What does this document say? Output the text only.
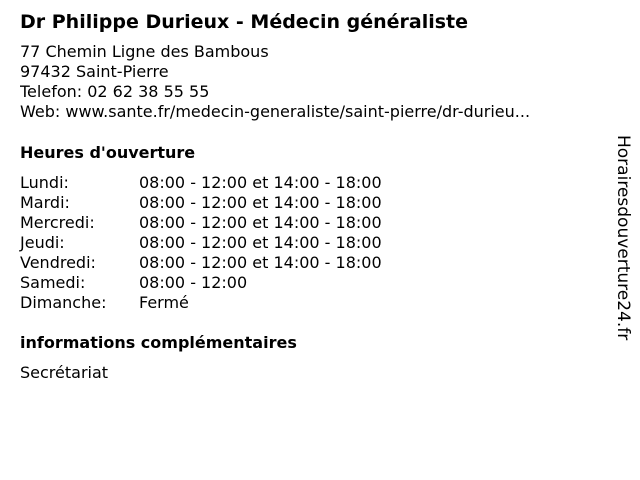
Dr Philippe Durieux - Médecin généraliste
77 Chemin Ligne des Bambous
97432 Saint-Pierre
Telefon: 02 62 38 55 55
Web: www.sante.fr/medecin-generaliste/saint-pierre/dr-durieu...
Heures d'ouverture
Lundi:	08:00 - 12:00 et 14:00 - 18:00
Mardi:	08:00 - 12:00 et 14:00 - 18:00
Mercredi:	08:00 - 12:00 et 14:00 - 18:00
Jeudi:	08:00 - 12:00 et 14:00 - 18:00
Vendredi:	08:00 - 12:00 et 14:00 - 18:00
Samedi:	08:00 - 12:00
Dimanche:	Fermé
informations complémentaires
Secrétariat
Horairesdouverture24.fr
